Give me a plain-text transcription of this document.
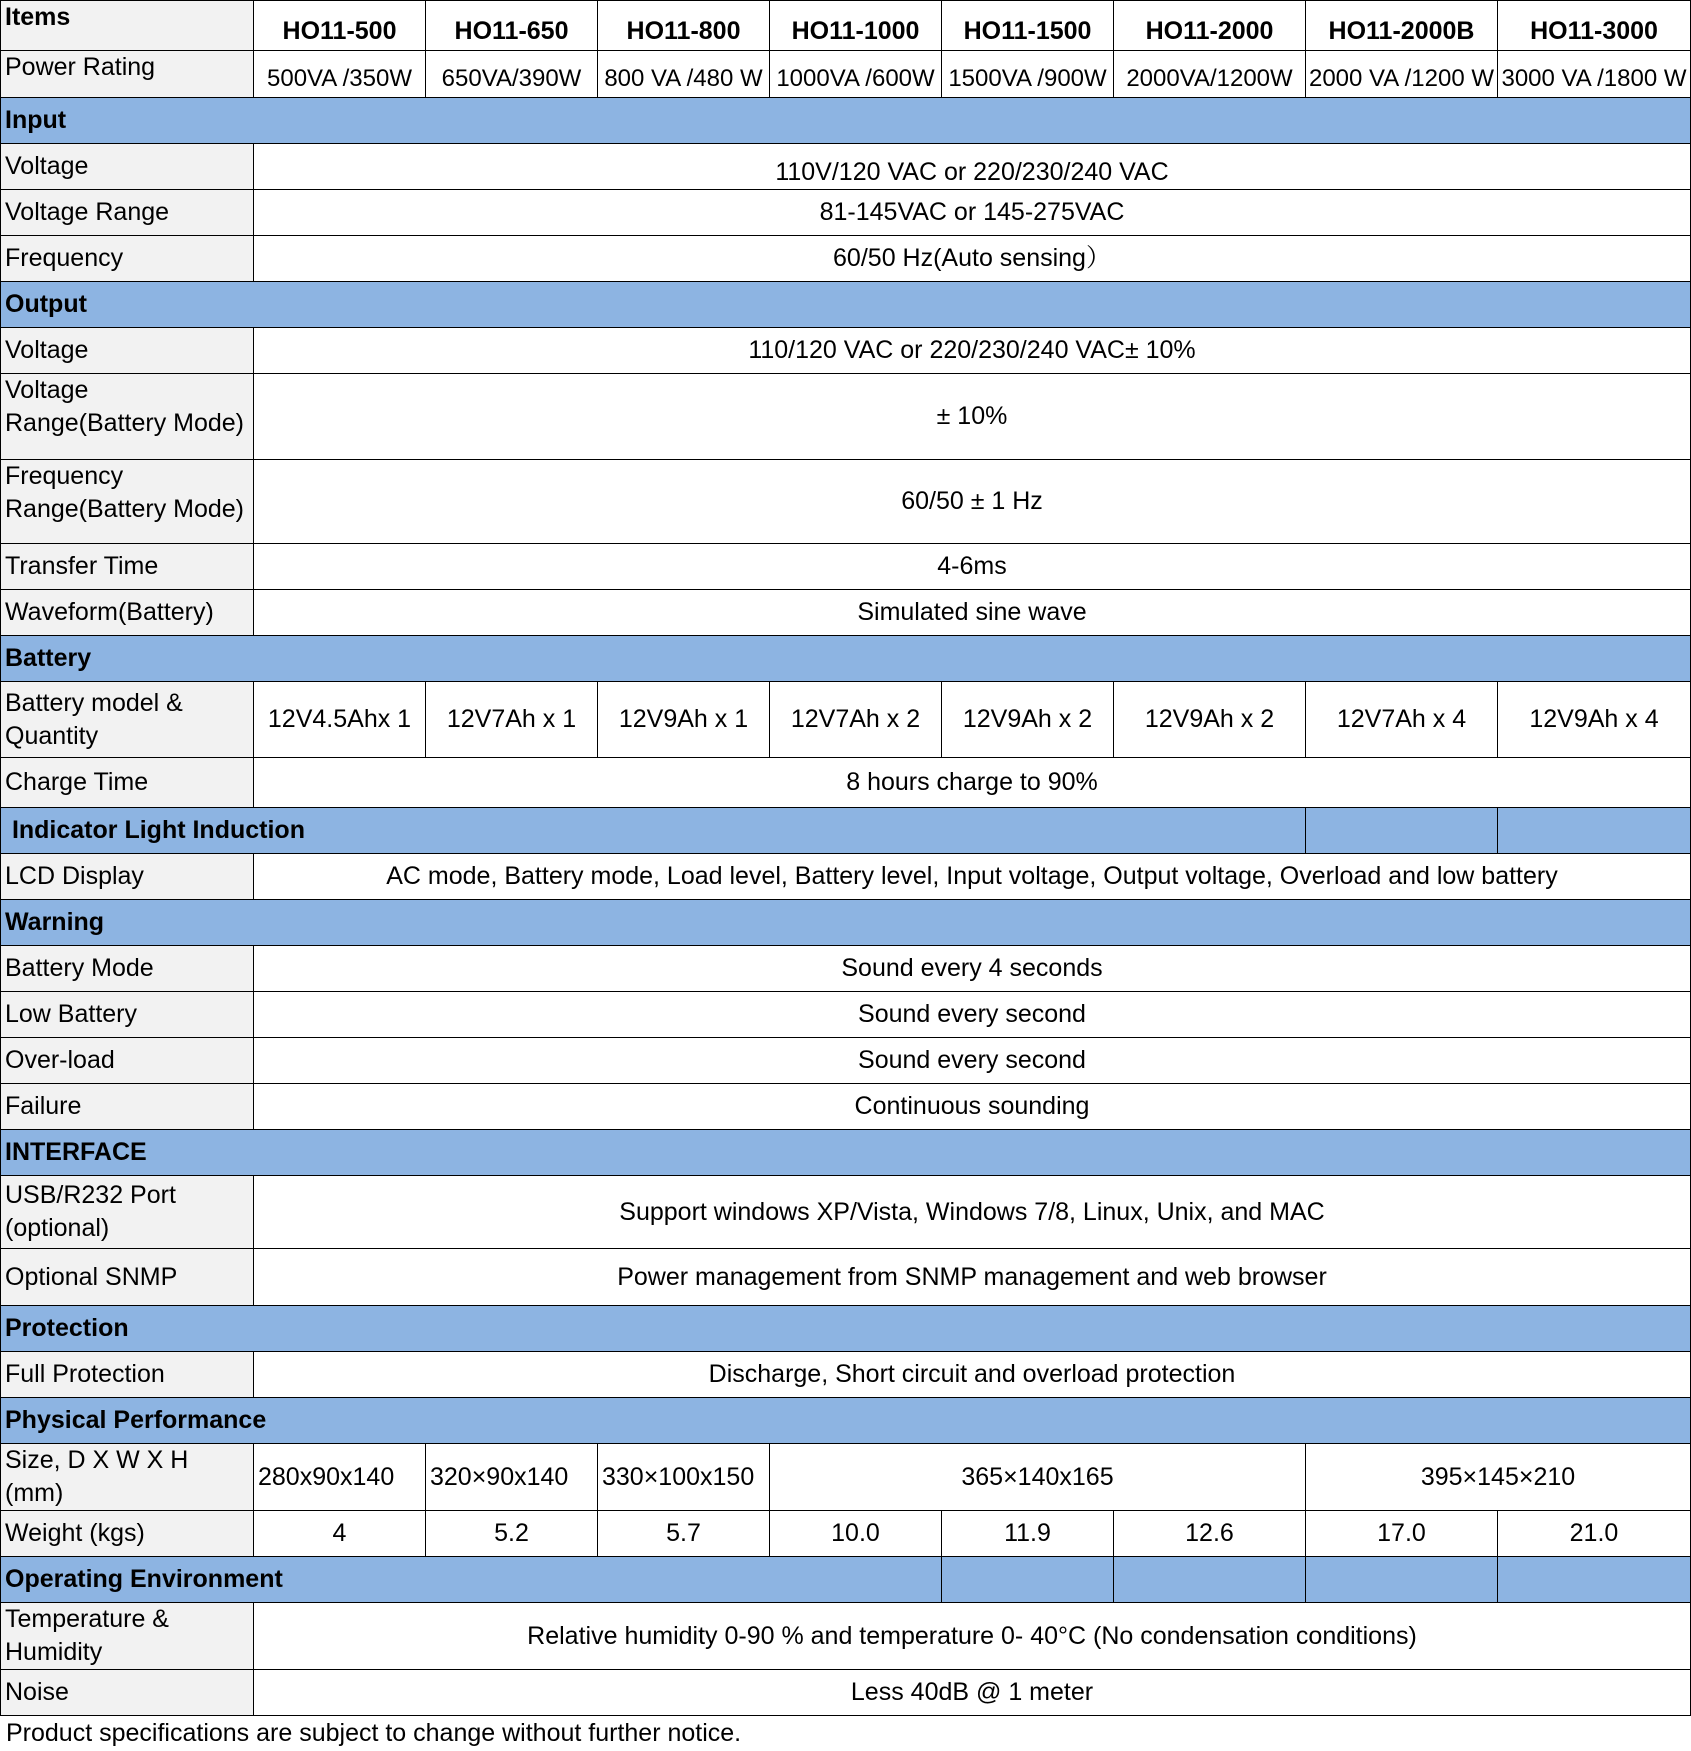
Items	HO11-500	HO11-650	HO11-800	HO11-1000	HO11-1500	HO11-2000	HO11-2000B	HO11-3000
Power Rating	500VA /350W	650VA/390W	800 VA /480 W	1000VA /600W	1500VA /900W	2000VA/1200W	2000 VA /1200 W	3000 VA /1800 W
Input								
Voltage	110V/120 VAC or 220/230/240 VAC							
Voltage Range	81-145VAC or 145-275VAC							
Frequency	60/50 Hz(Auto sensing）							
Output								
Voltage	110/120 VAC or 220/230/240 VAC± 10%							

Voltage Range(Battery Mode)	± 10%							

Frequency Range(Battery Mode)	60/50 ± 1 Hz							
Transfer Time	4-6ms							
Waveform(Battery)	Simulated sine wave							
Battery								
Battery model & Quantity	12V4.5Ahx 1	12V7Ah x 1	12V9Ah x 1	12V7Ah x 2	12V9Ah x 2	12V9Ah x 2	12V7Ah x 4	12V9Ah x 4
Charge Time	8 hours charge to 90%							
Indicator Light Induction								
LCD Display	AC mode, Battery mode, Load level, Battery level, Input voltage, Output voltage, Overload and low battery							
Warning								
Battery Mode	Sound every 4 seconds							
Low Battery	Sound every second							
Over-load	Sound every second							
Failure	Continuous sounding							
INTERFACE								
USB/R232 Port (optional)	Support windows XP/Vista, Windows 7/8, Linux, Unix, and MAC							
Optional SNMP	Power management from SNMP management and web browser							
Protection								
Full Protection	Discharge, Short circuit and overload protection							
Physical Performance								
Size, D X W X H (mm)	280x90x140	320×90x140	330×100x150	365×140x165			395×145×210	
Weight (kgs)	4	5.2	5.7	10.0	11.9	12.6	17.0	21.0
Operating Environment								
Temperature & Humidity	Relative humidity 0-90 % and temperature 0- 40°C (No condensation conditions)							
Noise	Less 40dB @ 1 meter							
Product specifications are subject to change without further notice.
